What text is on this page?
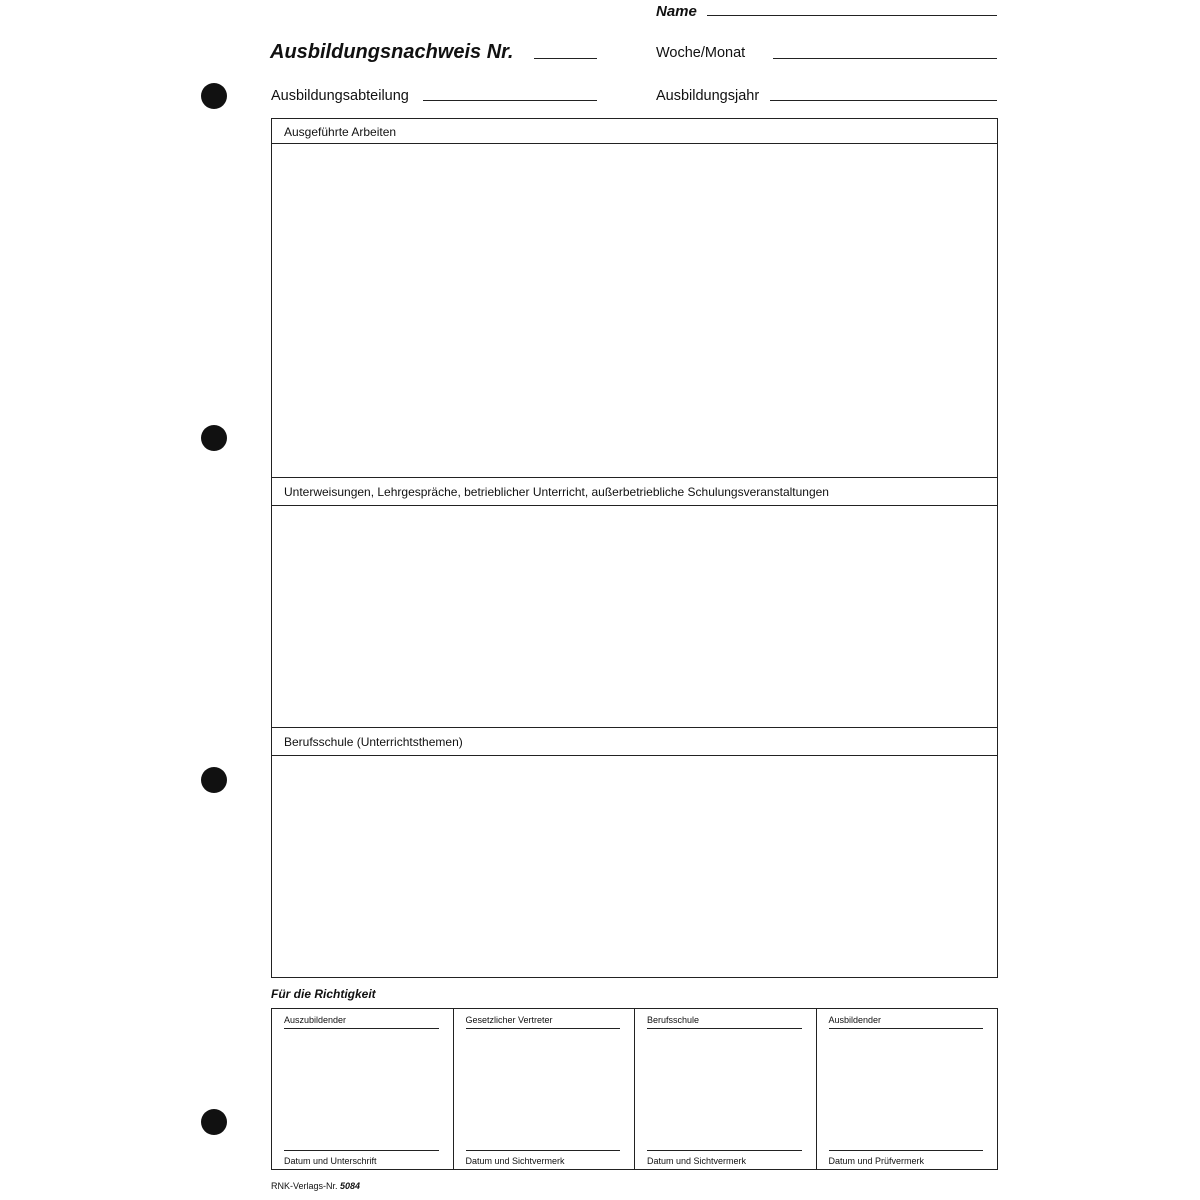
Name
Ausbildungsnachweis Nr.	Woche/Monat
Ausbildungsabteilung	Ausbildungsjahr
Ausgeführte Arbeiten
Unterweisungen, Lehrgespräche, betrieblicher Unterricht, außerbetriebliche Schulungsveranstaltungen
Berufsschule (Unterrichtsthemen)
Für die Richtigkeit
Auszubildender
Datum und Unterschrift
Gesetzlicher Vertreter
Datum und Sichtvermerk
Berufsschule
Datum und Sichtvermerk
Ausbildender
Datum und Prüfvermerk
RNK-Verlags-Nr. 5084
